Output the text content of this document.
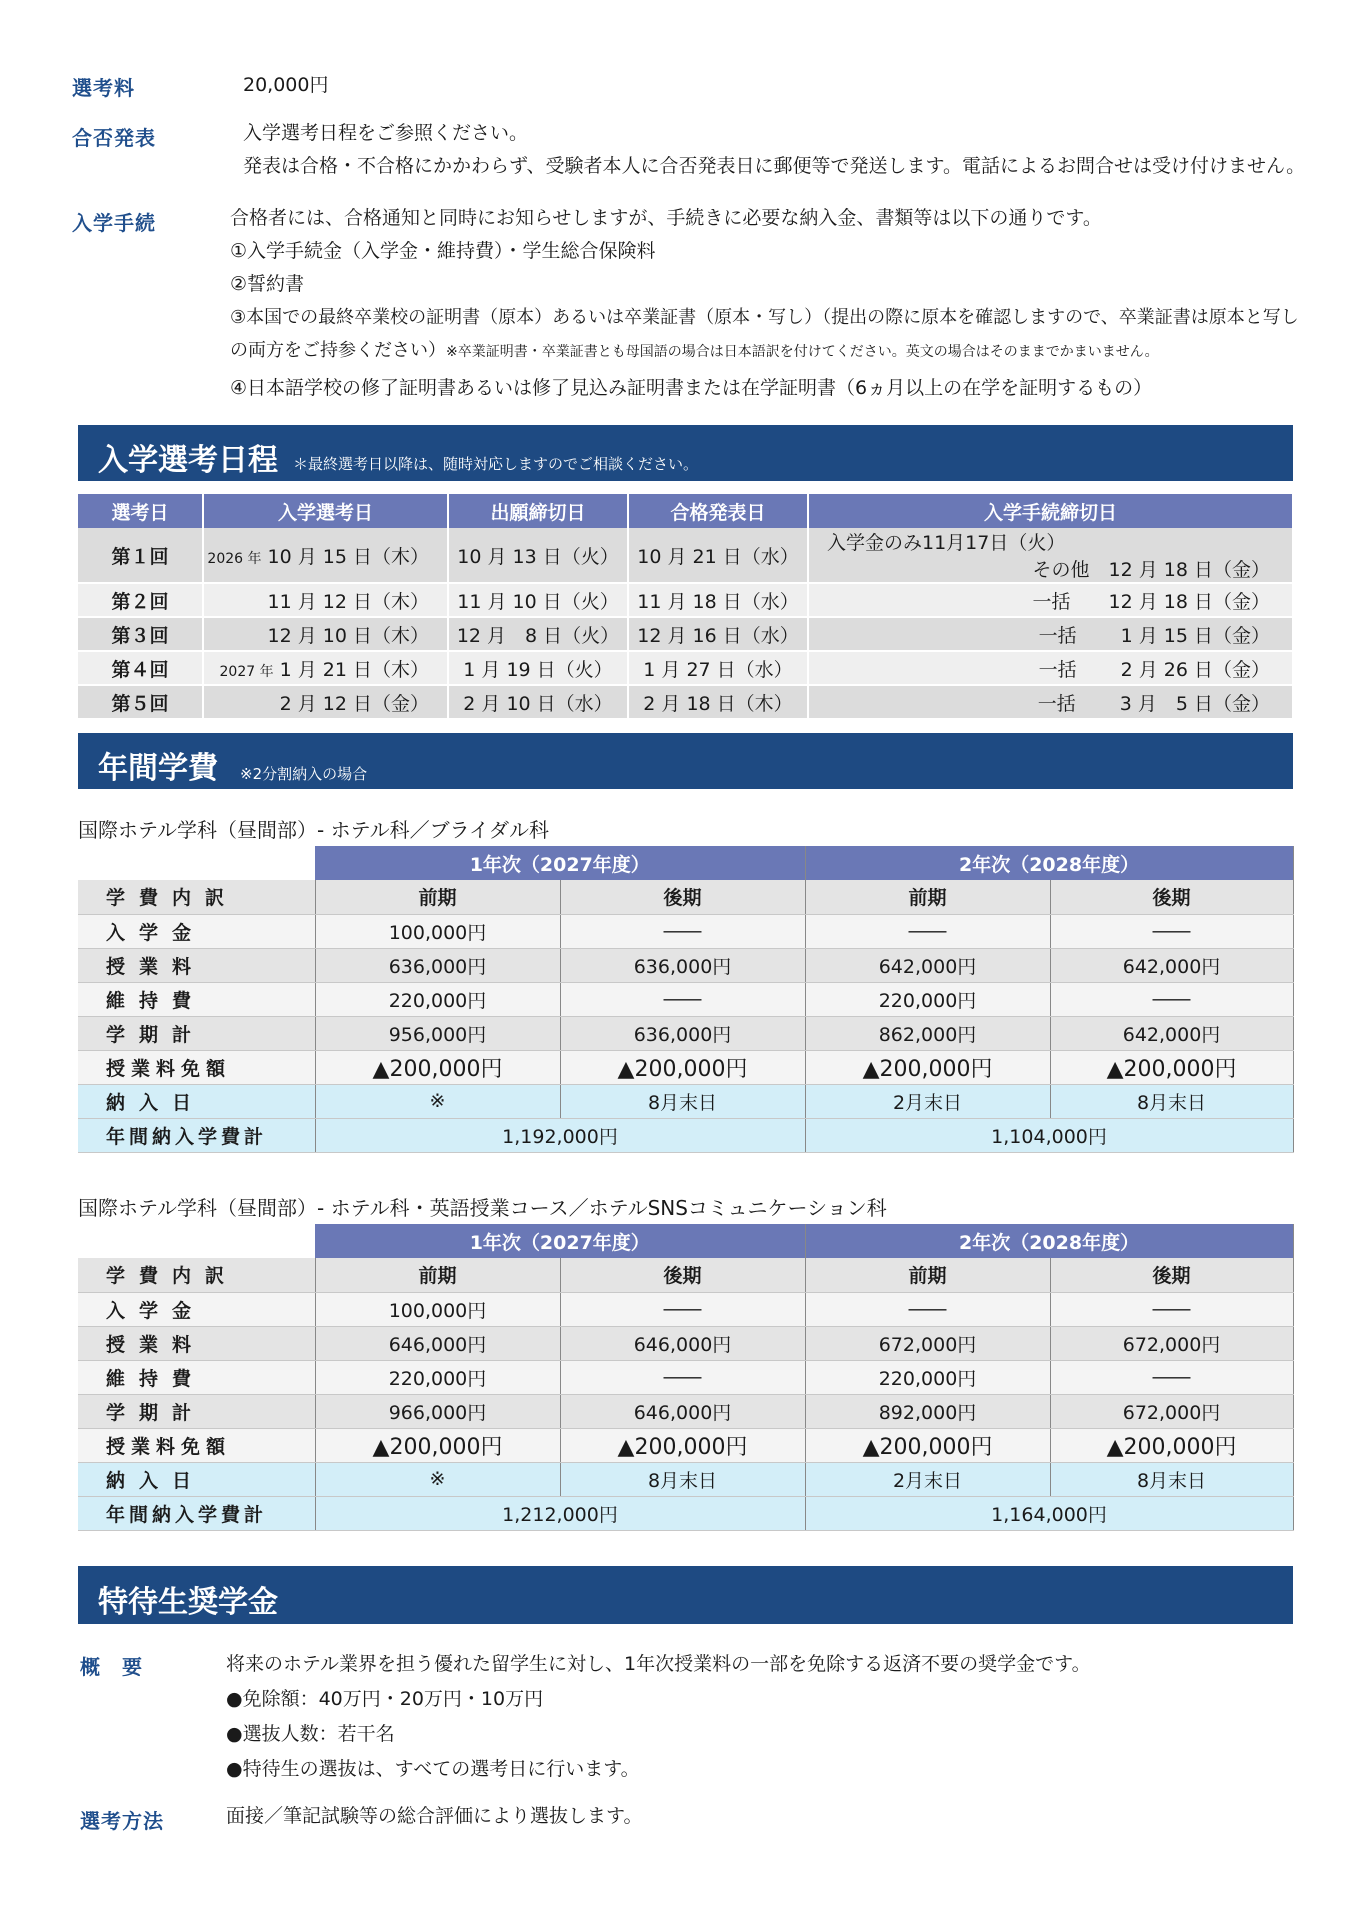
選考料	20,000円
合否発表	入学選考日程をご参照ください。
発表は合格・不合格にかかわらず、受験者本人に合否発表日に郵便等で発送します。電話によるお問合せは受け付けません。
入学手続	合格者には、合格通知と同時にお知らせしますが、手続きに必要な納入金、書類等は以下の通りです。
①入学手続金（入学金・維持費）・学生総合保険料
②誓約書
③本国での最終卒業校の証明書（原本）あるいは卒業証書（原本・写し）（提出の際に原本を確認しますので、卒業証書は原本と写し
の両方をご持参ください）※卒業証明書・卒業証書とも母国語の場合は日本語訳を付けてください。英文の場合はそのままでかまいません。
④日本語学校の修了証明書あるいは修了見込み証明書または在学証明書（6ヵ月以上の在学を証明するもの）
入学選考日程 ＊最終選考日以降は、随時対応しますのでご相談ください。
選考日	入学選考日	出願締切日	合格発表日	入学手続締切日
第１回	2026 年 10 月 15 日（木）	10 月 13 日（火）	10 月 21 日（水）	入学金のみ11月17日（火）
その他　12 月 18 日（金）

第２回	11 月 12 日（木）	11 月 10 日（火）	11 月 18 日（水）	一括　　12 月 18 日（金）

第３回	12 月 10 日（木）	12 月　8 日（火）	12 月 16 日（水）	一括　　 1 月 15 日（金）

第４回	2027 年 1 月 21 日（木）	1 月 19 日（火）	1 月 27 日（水）	一括　　 2 月 26 日（金）

第５回	2 月 12 日（金）	2 月 10 日（水）	2 月 18 日（木）	一括　　 3 月　5 日（金）
年間学費 ※2分割納入の場合
国際ホテル学科（昼間部）- ホテル科／ブライダル科
	1年次（2027年度）		2年次（2028年度）	
学費内訳	前期	後期	前期	後期
入学金	100,000円	――	――	――
授業料	636,000円	636,000円	642,000円	642,000円
維持費	220,000円	――	220,000円	――
学期計	956,000円	636,000円	862,000円	642,000円
授業料免額	▲200,000円	▲200,000円	▲200,000円	▲200,000円
納入日	※	8月末日	2月末日	8月末日
年間納入学費計	1,192,000円		1,104,000円	
国際ホテル学科（昼間部）- ホテル科・英語授業コース／ホテルSNSコミュニケーション科
	1年次（2027年度）		2年次（2028年度）	
学費内訳	前期	後期	前期	後期
入学金	100,000円	――	――	――
授業料	646,000円	646,000円	672,000円	672,000円
維持費	220,000円	――	220,000円	――
学期計	966,000円	646,000円	892,000円	672,000円
授業料免額	▲200,000円	▲200,000円	▲200,000円	▲200,000円
納入日	※	8月末日	2月末日	8月末日
年間納入学費計	1,212,000円		1,164,000円	
特待生奨学金
概　要	将来のホテル業界を担う優れた留学生に対し、1年次授業料の一部を免除する返済不要の奨学金です。
●免除額：40万円・20万円・10万円
●選抜人数：若干名
●特待生の選抜は、すべての選考日に行います。
選考方法	面接／筆記試験等の総合評価により選抜します。
